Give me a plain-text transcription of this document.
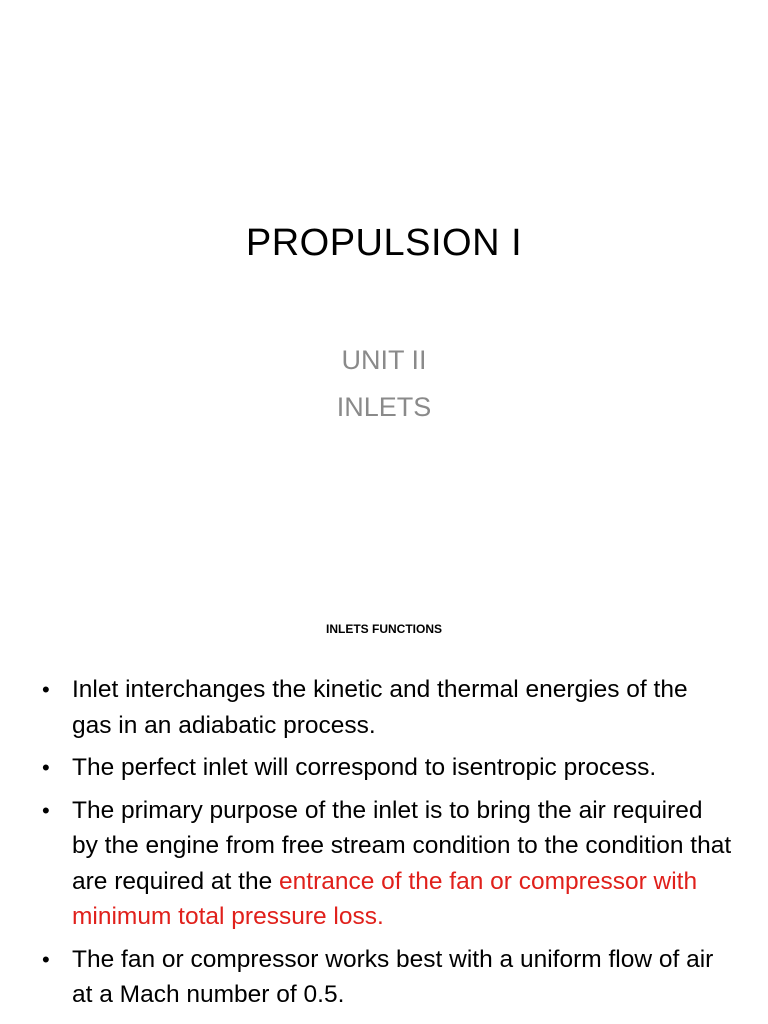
PROPULSION I
UNIT II
INLETS
INLETS FUNCTIONS
• Inlet interchanges the kinetic and thermal energies of the gas in an adiabatic process.
• The perfect inlet will correspond to isentropic process.
• The primary purpose of the inlet is to bring the air required by the engine from free stream condition to the condition that are required at the entrance of the fan or compressor with minimum total pressure loss.
• The fan or compressor works best with a uniform flow of air at a Mach number of 0.5.
